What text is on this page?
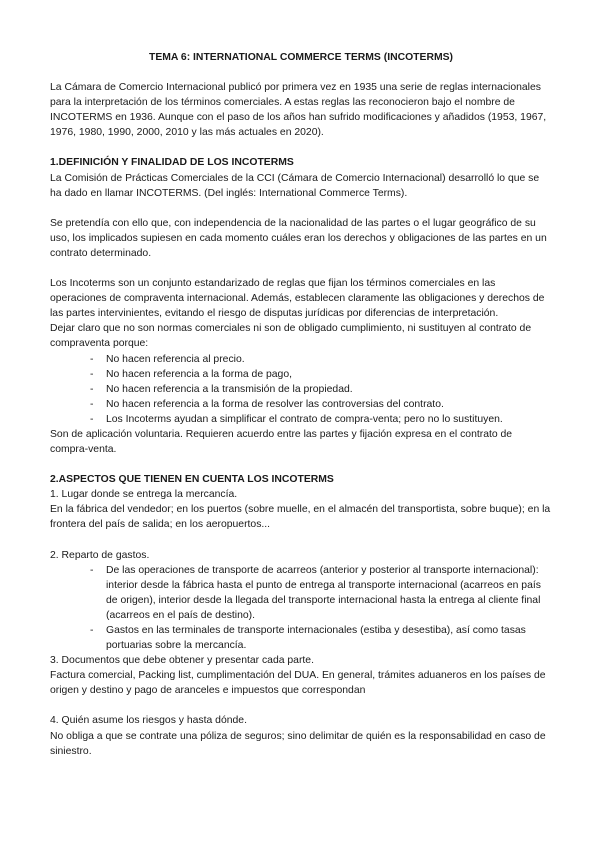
TEMA 6: INTERNATIONAL COMMERCE TERMS (INCOTERMS)

La Cámara de Comercio Internacional publicó por primera vez en 1935 una serie de reglas internacionales para la interpretación de los términos comerciales. A estas reglas las reconocieron bajo el nombre de INCOTERMS en 1936. Aunque con el paso de los años han sufrido modificaciones y añadidos (1953, 1967, 1976, 1980, 1990, 2000, 2010 y las más actuales en 2020).

1.DEFINICIÓN Y FINALIDAD DE LOS INCOTERMS

La Comisión de Prácticas Comerciales de la CCI (Cámara de Comercio Internacional) desarrolló lo que se ha dado en llamar INCOTERMS. (Del inglés: International Commerce Terms).

Se pretendía con ello que, con independencia de la nacionalidad de las partes o el lugar geográfico de su uso, los implicados supiesen en cada momento cuáles eran los derechos y obligaciones de las partes en un contrato determinado.

Los Incoterms son un conjunto estandarizado de reglas que fijan los términos comerciales en las operaciones de compraventa internacional. Además, establecen claramente las obligaciones y derechos de las partes intervinientes, evitando el riesgo de disputas jurídicas por diferencias de interpretación.

Dejar claro que no son normas comerciales ni son de obligado cumplimiento, ni sustituyen al contrato de compraventa porque:

- No hacen referencia al precio.
- No hacen referencia a la forma de pago,
- No hacen referencia a la transmisión de la propiedad.
- No hacen referencia a la forma de resolver las controversias del contrato.
- Los Incoterms ayudan a simplificar el contrato de compra-venta; pero no lo sustituyen.

Son de aplicación voluntaria. Requieren acuerdo entre las partes y fijación expresa en el contrato de compra-venta.

2.ASPECTOS QUE TIENEN EN CUENTA LOS INCOTERMS

1. Lugar donde se entrega la mercancía.

En la fábrica del vendedor; en los puertos (sobre muelle, en el almacén del transportista, sobre buque); en la frontera del país de salida; en los aeropuertos...

2. Reparto de gastos.

- De las operaciones de transporte de acarreos (anterior y posterior al transporte internacional): interior desde la fábrica hasta el punto de entrega al transporte internacional (acarreos en país de origen), interior desde la llegada del transporte internacional hasta la entrega al cliente final (acarreos en el país de destino).
- Gastos en las terminales de transporte internacionales (estiba y desestiba), así como tasas portuarias sobre la mercancía.

3. Documentos que debe obtener y presentar cada parte.

Factura comercial, Packing list, cumplimentación del DUA. En general, trámites aduaneros en los países de origen y destino y pago de aranceles e impuestos que correspondan

4. Quién asume los riesgos y hasta dónde.

No obliga a que se contrate una póliza de seguros; sino delimitar de quién es la responsabilidad en caso de siniestro.
